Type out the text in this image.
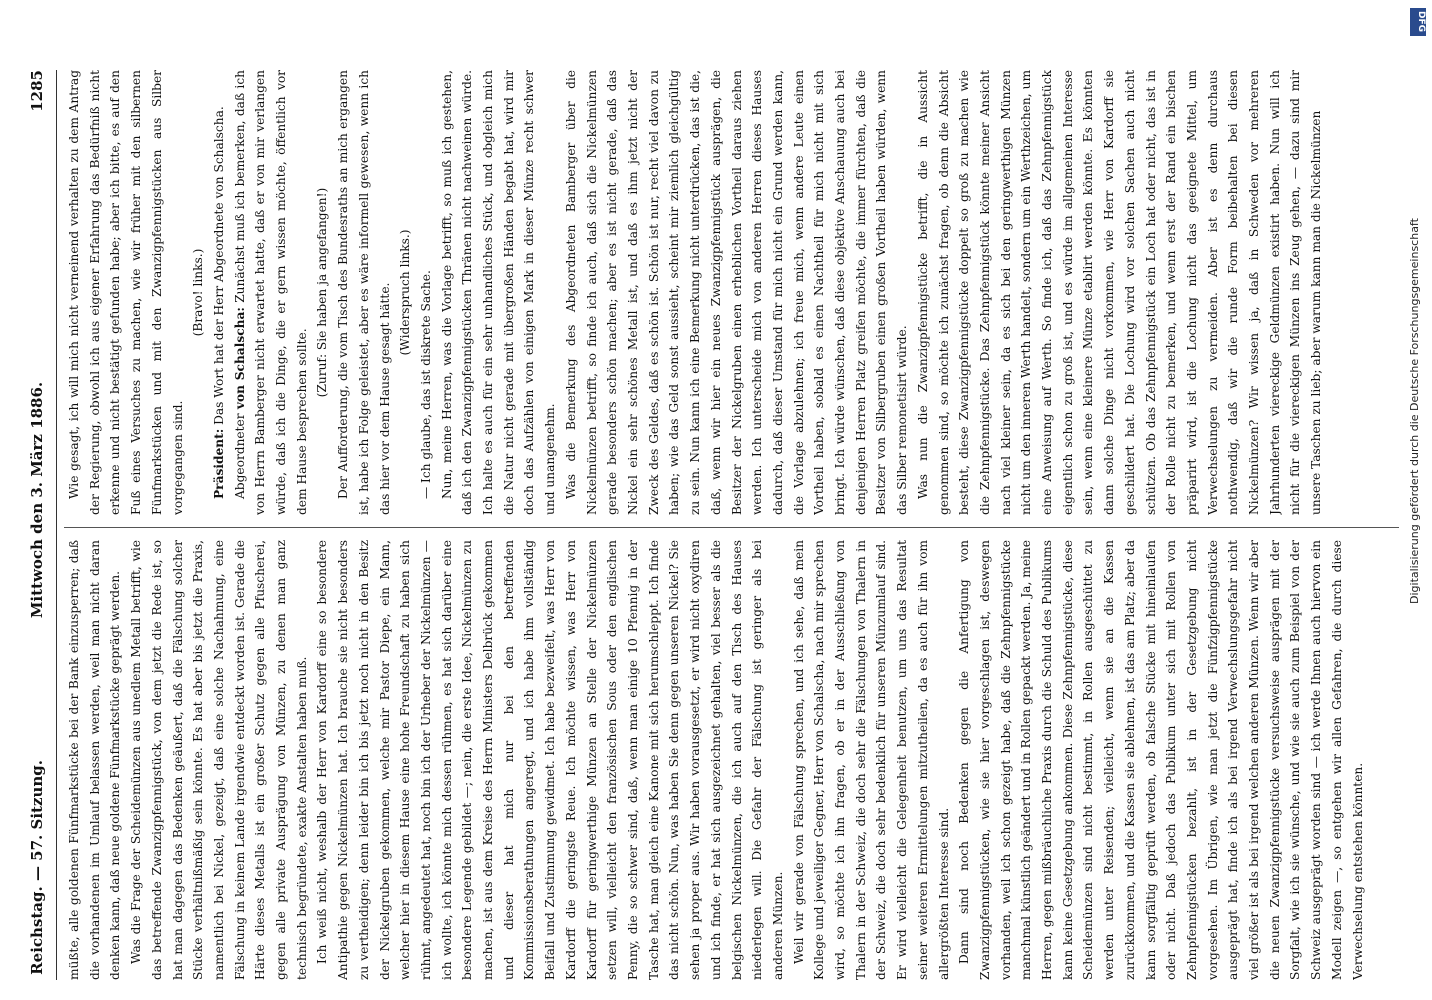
Reichstag. — 57. Sitzung.
Mittwoch den 3. März 1886.
1285

müßte, alle goldenen Fünfmarkstücke bei der Bank einzusperren; daß die vorhandenen im Umlauf belassen werden, weil man nicht daran denken kann, daß neue goldene Fünfmarkstücke geprägt werden. Was die Frage der Scheidemünzen aus unedlem Metall betrifft, wie das betreffende Zwanzigpfennigstück, von dem jetzt die Rede ist, so hat man dagegen das Bedenken geäußert, daß die Fälschung solcher Stücke verhältnißmäßig sein könnte. Es hat aber bis jetzt die Praxis, namentlich bei Nickel, gezeigt, daß eine solche Nachahmung, eine Fälschung in keinem Lande irgendwie entdeckt worden ist. Gerade die Härte dieses Metalls ist ein großer Schutz gegen alle Pfuscherei, gegen alle private Ausprägung von Münzen, zu denen man ganz technisch begründete, exakte Anstalten haben muß. Ich weiß nicht, weshalb der Herr von Kardorff eine so besondere Antipathie gegen Nickelmünzen hat. Ich brauche sie nicht besonders zu vertheidigen; denn leider bin ich bis jetzt noch nicht in den Besitz der Nickelgruben gekommen, welche mir Pastor Diepe, ein Mann, welcher hier in diesem Hause eine hohe Freundschaft zu haben sich rühmt, angedeutet hat, noch bin ich der Urheber der Nickelmünzen — ich wollte, ich könnte mich dessen rühmen, es hat sich darüber eine besondere Legende gebildet —; nein, die erste Idee, Nickelmünzen zu machen, ist aus dem Kreise des Herrn Ministers Delbrück gekommen und dieser hat mich nur bei den betreffenden Kommissionsberathungen angeregt, und ich habe ihm vollständig Beifall und Zustimmung gewidmet. Ich habe bezweifelt, was Herr von Kardorff die geringste Reue. Ich möchte wissen, was Herr von Kardorff für geringwerthige Münzen an Stelle der Nickelmünzen setzen will, vielleicht den französischen Sous oder den englischen Penny, die so schwer sind, daß, wenn man einige 10 Pfennig in der Tasche hat, man gleich eine Kanone mit sich herumschleppt. Ich finde das nicht schön. Nun, was haben Sie denn gegen unseren Nickel? Sie sehen ja proper aus. Wir haben vorausgesetzt, er wird nicht oxydiren und ich finde, er hat sich ausgezeichnet gehalten, viel besser als die belgischen Nickelmünzen, die ich auch auf den Tisch des Hauses niederlegen will. Die Gefahr der Fälschung ist geringer als bei anderen Münzen. Weil wir gerade von Fälschung sprechen, und ich sehe, daß mein Kollege und jeweiliger Gegner, Herr von Schalscha, nach mir sprechen wird, so möchte ich ihn fragen, ob er in der Ausschließung von Thalern in der Schweiz, die doch sehr die Fälschungen von Thalern in der Schweiz, die doch sehr bedenklich für unseren Münzumlauf sind. Er wird vielleicht die Gelegenheit benutzen, um uns das Resultat seiner weiteren Ermittelungen mitzutheilen, da es auch für ihn vom allergrößten Interesse sind. Dann sind noch Bedenken gegen die Anfertigung von Zwanzigpfennigstücken, wie sie hier vorgeschlagen ist, deswegen vorhanden, weil ich schon gezeigt habe, daß die Zehnpfennigstücke manchmal künstlich geändert und in Rollen gepackt werden. Ja, meine Herren, gegen mißbräuchliche Praxis durch die Schuld des Publikums kann keine Gesetzgebung ankommen. Diese Zehnpfennigstücke, diese Scheidemünzen sind nicht bestimmt, in Rollen ausgeschüttet zu werden unter Reisenden; vielleicht, wenn sie an die Kassen zurückkommen, und die Kassen sie ablehnen, ist das am Platz; aber da kann sorgfältig geprüft werden, ob falsche Stücke mit hineinlaufen oder nicht. Daß jedoch das Publikum unter sich mit Rollen von Zehnpfennigstücken bezahlt, ist in der Gesetzgebung nicht vorgesehen. Im Übrigen, wie man jetzt die Fünfzigpfennigstücke ausgeprägt hat, finde ich als bei irgend Verwechslungsgefahr nicht viel größer ist als bei irgend welchen anderen Münzen. Wenn wir aber die neuen Zwanzigpfennigstücke versuchsweise ausprägen mit der Sorgfalt, wie ich sie wünsche, und wie sie auch zum Beispiel von der Schweiz ausgeprägt worden sind — ich werde Ihnen auch hiervon ein Modell zeigen —, so entgehen wir allen Gefahren, die durch diese Verwechselung entstehen könnten.

Wie gesagt, ich will mich nicht verneinend verhalten zu dem Antrag der Regierung, obwohl ich aus eigener Erfahrung das Bedürfniß nicht erkenne und nicht bestätigt gefunden habe; aber ich bitte, es auf den Fuß eines Versuches zu machen, wie wir früher mit den silbernen Fünfmarkstücken und mit den Zwanzigpfennigstücken aus Silber vorgegangen sind.

(Bravo! links.)

Präsident: Das Wort hat der Herr Abgeordnete von Schalscha.

Abgeordneter von Schalscha: Zunächst muß ich bemerken, daß ich von Herrn Bamberger nicht erwartet hatte, daß er von mir verlangen würde, daß ich die Dinge, die er gern wissen möchte, öffentlich vor dem Hause besprechen sollte.

(Zuruf: Sie haben ja angefangen!) Der Aufforderung, die vom Tisch des Bundesraths an mich ergangen ist, habe ich Folge geleistet, aber es wäre informell gewesen, wenn ich das hier vor dem Hause gesagt hätte. (Widerspruch links.) — Ich glaube, das ist diskrete Sache. Nun, meine Herren, was die Vorlage betrifft, so muß ich gestehen, daß ich den Zwanzigpfennigstücken Thränen nicht nachweinen würde. Ich halte es auch für ein sehr unhandliches Stück, und obgleich mich die Natur nicht gerade mit übergroßen Händen begabt hat, wird mir doch das Aufzählen von einigen Mark in dieser Münze recht schwer und unangenehm. Was die Bemerkung des Abgeordneten Bamberger über die Nickelmünzen betrifft, so finde ich auch, daß sich die Nickelmünzen gerade besonders schön machen; aber es ist nicht gerade, daß das Nickel ein sehr schönes Metall ist, und daß es ihm jetzt nicht der Zweck des Geldes, daß es schön ist. Schön ist nur, recht viel davon zu haben; wie das Geld sonst aussieht, scheint mir ziemlich gleichgültig zu sein. Nun kann ich eine Bemerkung nicht unterdrücken, das ist die, daß, wenn wir hier ein neues Zwanzigpfennigstück ausprägen, die Besitzer der Nickelgruben einen erheblichen Vortheil daraus ziehen werden. Ich unterscheide mich von anderen Herren dieses Hauses dadurch, daß dieser Umstand für mich nicht ein Grund werden kann, die Vorlage abzulehnen; ich freue mich, wenn andere Leute einen Vortheil haben, sobald es einen Nachtheil für mich nicht mit sich bringt. Ich würde wünschen, daß diese objektive Anschauung auch bei denjenigen Herren Platz greifen möchte, die immer fürchten, daß die Besitzer von Silbergruben einen großen Vortheil haben würden, wenn das Silber remonetisirt würde. Was nun die Zwanzigpfennigstücke betrifft, die in Aussicht genommen sind, so möchte ich zunächst fragen, ob denn die Absicht besteht, diese Zwanzigpfennigstücke doppelt so groß zu machen wie die Zehnpfennigstücke. Das Zehnpfennigstück könnte meiner Ansicht nach viel kleiner sein, da es sich bei den geringwerthigen Münzen nicht um den inneren Werth handelt, sondern um ein Werthzeichen, um eine Anweisung auf Werth. So finde ich, daß das Zehnpfennigstück eigentlich schon zu groß ist, und es würde im allgemeinen Interesse sein, wenn eine kleinere Münze etablirt werden könnte. Es könnten dann solche Dinge nicht vorkommen, wie Herr von Kardorff sie geschildert hat. Die Lochung wird vor solchen Sachen auch nicht schützen. Ob das Zehnpfennigstück ein Loch hat oder nicht, das ist in der Rolle nicht zu bemerken, und wenn erst der Rand ein bischen präparirt wird, ist die Lochung nicht das geeignete Mittel, um Verwechselungen zu vermeiden. Aber ist es denn durchaus nothwendig, daß wir die runde Form beibehalten bei diesen Nickelmünzen? Wir wissen ja, daß in Schweden vor mehreren Jahrhunderten viereckige Geldmünzen existirt haben. Nun will ich nicht für die viereckigen Münzen ins Zeug gehen, — dazu sind mir unsere Taschen zu lieb; aber warum kann man die Nickelmünzen

DFG
Digitalisierung gefördert durch die Deutsche Forschungsgemeinschaft
